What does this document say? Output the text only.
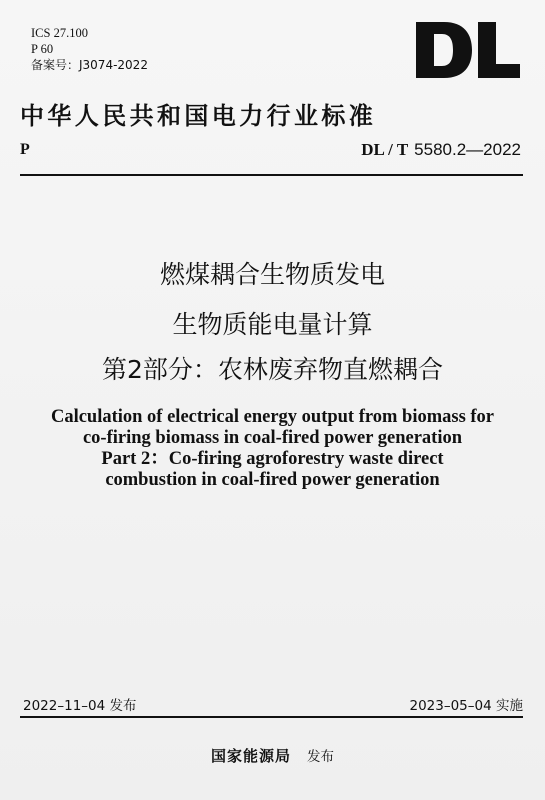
ICS 27.100
P 60
备案号：J3074-2022
中华人民共和国电力行业标准
P	DL / T 5580.2—2022
燃煤耦合生物质发电
生物质能电量计算
第2部分：农林废弃物直燃耦合
Calculation of electrical energy output from biomass for
co-firing biomass in coal-fired power generation
Part 2：Co-firing agroforestry waste direct
combustion in coal-fired power generation
2022–11–04 发布	2023–05–04 实施
国家能源局 发布
